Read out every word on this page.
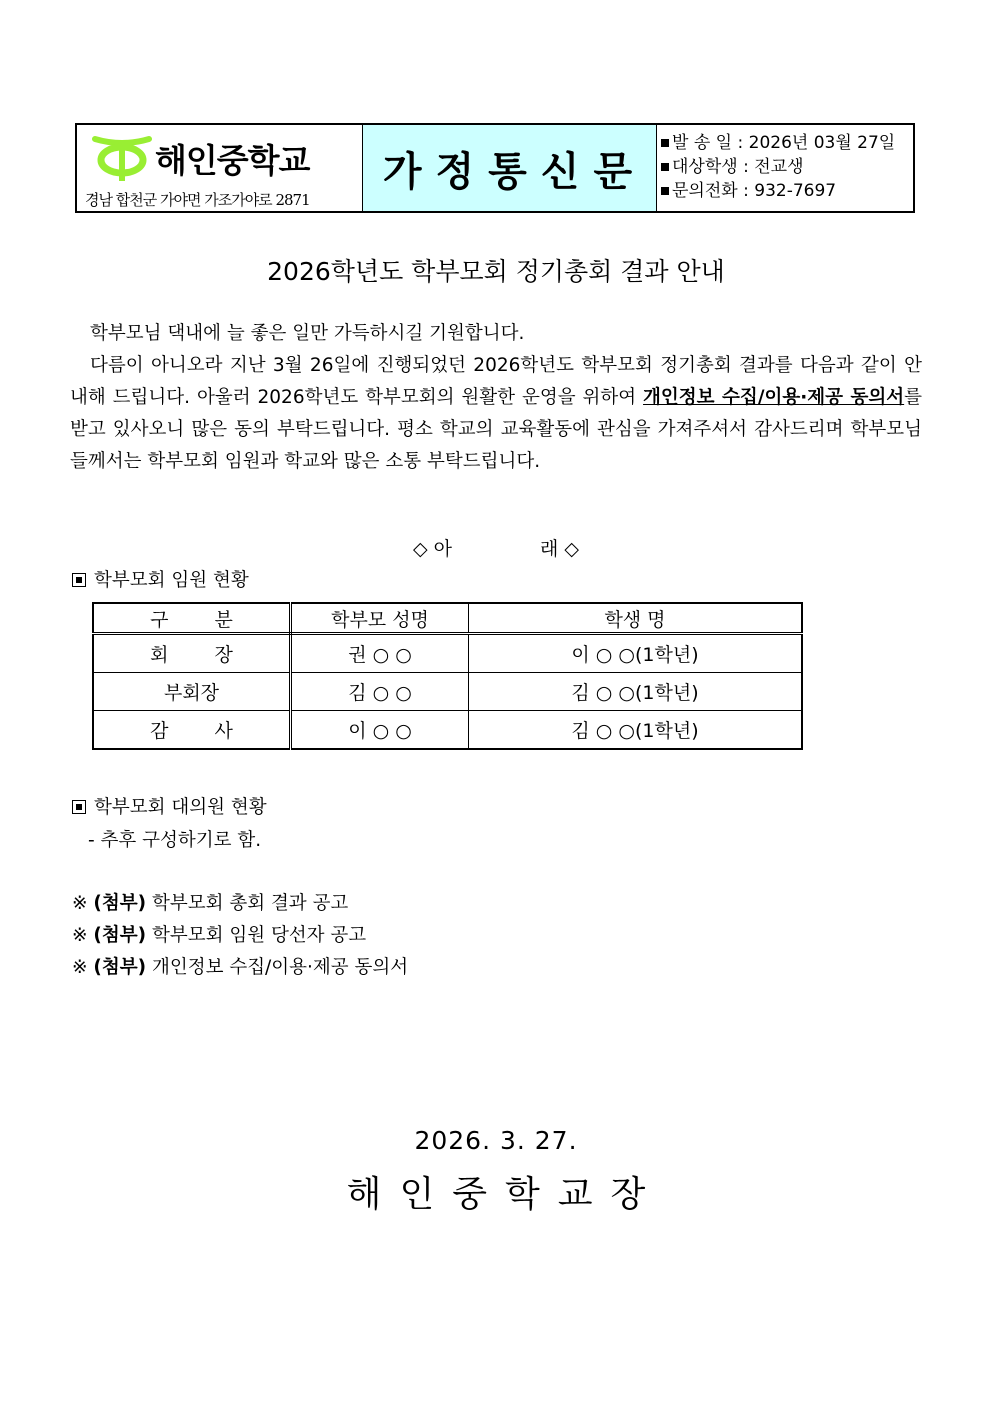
해인중학교
경남 합천군 가야면 가조가야로 2871
가정통신문
발 송 일 : 2026년 03월 27일
대상학생 : 전교생
문의전화 : 932-7697
2026학년도 학부모회 정기총회 결과 안내

학부모님 댁내에 늘 좋은 일만 가득하시길 기원합니다.

다름이 아니오라 지난 3월 26일에 진행되었던 2026학년도 학부모회 정기총회 결과를 다음과 같이 안내해 드립니다. 아울러 2026학년도 학부모회의 원활한 운영을 위하여 개인정보 수집/이용·제공 동의서를 받고 있사오니 많은 동의 부탁드립니다. 평소 학교의 교육활동에 관심을 가져주셔서 감사드리며 학부모님들께서는 학부모회 임원과 학교와 많은 소통 부탁드립니다.

◇ 아	래 ◇
학부모회 임원 현황
구 분	학부모 성명	학생 명
회 장	권 ○ ○	이 ○ ○(1학년)
부회장	김 ○ ○	김 ○ ○(1학년)
감 사	이 ○ ○	김 ○ ○(1학년)
학부모회 대의원 현황
- 추후 구성하기로 함.
※ (첨부) 학부모회 총회 결과 공고
※ (첨부) 학부모회 임원 당선자 공고
※ (첨부) 개인정보 수집/이용·제공 동의서
2026. 3. 27.
해인중학교장
